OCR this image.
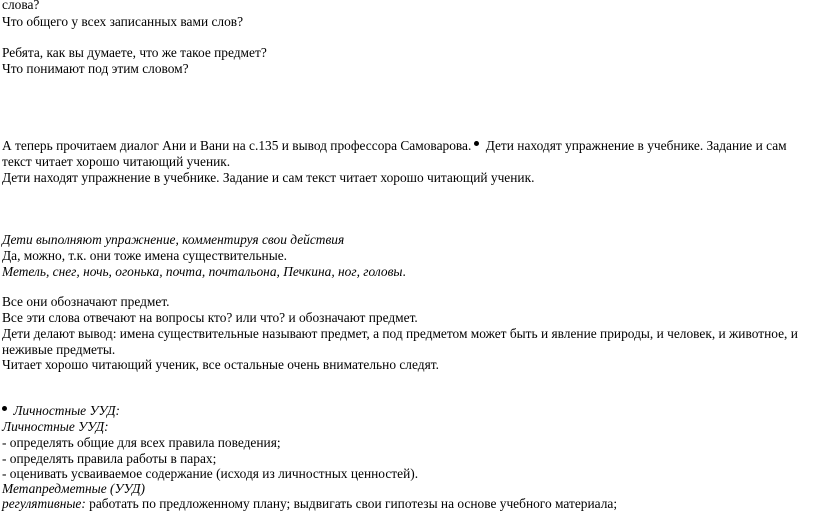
слова?
Что общего у всех записанных вами слов?
Ребята, как вы думаете, что же такое предмет?
Что понимают под этим словом?
А теперь прочитаем диалог Ани и Вани на с.135 и вывод профессора Самоварова. Дети находят упражнение в учебнике. Задание и сам
текст читает хорошо читающий ученик.
Дети находят упражнение в учебнике. Задание и сам текст читает хорошо читающий ученик.
Дети выполняют упражнение, комментируя свои действия
Да, можно, т.к. они тоже имена существительные.
Метель, снег, ночь, огонька, почта, почтальона, Печкина, ног, головы.
Все они обозначают предмет.
Все эти слова отвечают на вопросы кто? или что? и обозначают предмет.
Дети делают вывод: имена существительные называют предмет, а под предметом может быть и явление природы, и человек, и животное, и
неживые предметы.
Читает хорошо читающий ученик, все остальные очень внимательно следят.
Личностные УУД:
Личностные УУД:
- определять общие для всех правила поведения;
- определять правила работы в парах;
- оценивать усваиваемое содержание (исходя из личностных ценностей).
Метапредметные (УУД)
регулятивные: работать по предложенному плану; выдвигать свои гипотезы на основе учебного материала;
